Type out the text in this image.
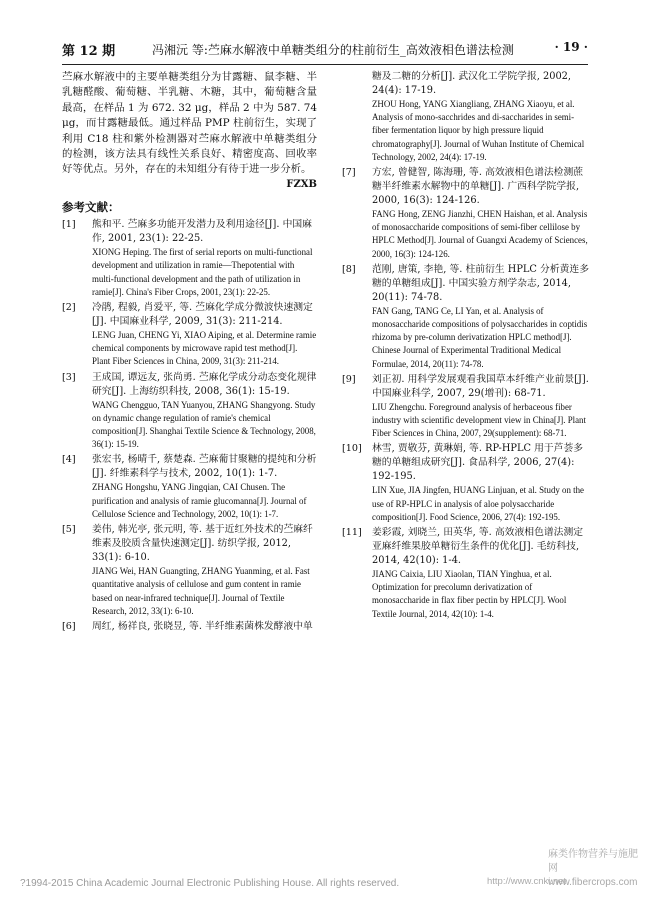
第 12 期	冯湘沅 等:苎麻水解液中单糖类组分的柱前衍生_高效液相色谱法检测	· 19 ·

苎麻水解液中的主要单糖类组分为甘露糖、鼠李糖、半乳糖醛酸、葡萄糖、半乳糖、木糖，其中，葡萄糖含量最高，在样品 1 为 672. 32 μg，样品 2 中为 587. 74 μg，而甘露糖最低。通过样品 PMP 柱前衍生，实现了利用 C18 柱和紫外检测器对苎麻水解液中单糖类组分的检测，该方法具有线性关系良好、精密度高、回收率好等优点。另外，存在的未知组分有待于进一步分析。

FZXB
参考文献：
[1] 熊和平. 苎麻多功能开发潜力及利用途径[J]. 中国麻作, 2001, 23(1): 22-25.
XIONG Heping. The first of serial reports on multi-functional development and utilization in ramie—Thepotential with multi-functional development and the path of utilization in ramie[J]. China's Fiber Crops, 2001, 23(1): 22-25.
[2] 冷鹃, 程毅, 肖爱平, 等. 苎麻化学成分微波快速测定[J]. 中国麻业科学, 2009, 31(3): 211-214.
LENG Juan, CHENG Yi, XIAO Aiping, et al. Determine ramie chemical components by microwave rapid test method[J]. Plant Fiber Sciences in China, 2009, 31(3): 211-214.
[3] 王成国, 谭远友, 张尚勇. 苎麻化学成分动态变化规律研究[J]. 上海纺织科技, 2008, 36(1): 15-19.
WANG Chengguo, TAN Yuanyou, ZHANG Shangyong. Study on dynamic change regulation of ramie's chemical composition[J]. Shanghai Textile Science & Technology, 2008, 36(1): 15-19.
[4] 张宏书, 杨晴千, 蔡楚森. 苎麻葡甘聚糖的提纯和分析[J]. 纤维素科学与技术, 2002, 10(1): 1-7.
ZHANG Hongshu, YANG Jingqian, CAI Chusen. The purification and analysis of ramie glucomanna[J]. Journal of Cellulose Science and Technology, 2002, 10(1): 1-7.
[5] 姜伟, 韩光亭, 张元明, 等. 基于近红外技术的苎麻纤维素及胶质含量快速测定[J]. 纺织学报, 2012, 33(1): 6-10.
JIANG Wei, HAN Guangting, ZHANG Yuanming, et al. Fast quantitative analysis of cellulose and gum content in ramie based on near-infrared technique[J]. Journal of Textile Research, 2012, 33(1): 6-10.
[6] 周红, 杨祥良, 张晓昱, 等. 半纤维素菌株发酵液中单
糖及二糖的分析[J]. 武汉化工学院学报, 2002, 24(4): 17-19.
ZHOU Hong, YANG Xiangliang, ZHANG Xiaoyu, et al. Analysis of mono-sacchrides and di-saccharides in semi-fiber fermentation liquor by high pressure liquid chromatography[J]. Journal of Wuhan Institute of Chemical Technology, 2002, 24(4): 17-19.
[7] 方宏, 曾健智, 陈海珊, 等. 高效液相色谱法检测蔗糖半纤维素水解物中的单糖[J]. 广西科学院学报, 2000, 16(3): 124-126.
FANG Hong, ZENG Jianzhi, CHEN Haishan, et al. Analysis of monosaccharide compositions of semi-fiber cellilose by HPLC Method[J]. Journal of Guangxi Academy of Sciences, 2000, 16(3): 124-126.
[8] 范刚, 唐策, 李艳, 等. 柱前衍生 HPLC 分析黄连多糖的单糖组成[J]. 中国实验方剂学杂志, 2014, 20(11): 74-78.
FAN Gang, TANG Ce, LI Yan, et al. Analysis of monosaccharide compositions of polysaccharides in coptidis rhizoma by pre-column derivatization HPLC method[J]. Chinese Journal of Experimental Traditional Medical Formulae, 2014, 20(11): 74-78.
[9] 刘正初. 用科学发展观看我国草本纤维产业前景[J]. 中国麻业科学, 2007, 29(增刊): 68-71.
LIU Zhengchu. Foreground analysis of herbaceous fiber industry with scientific development view in China[J]. Plant Fiber Sciences in China, 2007, 29(supplement): 68-71.
[10] 林雪, 贾敬芬, 黄琳娟, 等. RP-HPLC 用于芦荟多糖的单糖组成研究[J]. 食品科学, 2006, 27(4): 192-195.
LIN Xue, JIA Jingfen, HUANG Linjuan, et al. Study on the use of RP-HPLC in analysis of aloe polysaccharide composition[J]. Food Science, 2006, 27(4): 192-195.
[11] 姜彩霞, 刘晓兰, 田英华, 等. 高效液相色谱法测定亚麻纤维果胶单糖衍生条件的优化[J]. 毛纺科技, 2014, 42(10): 1-4.
JIANG Caixia, LIU Xiaolan, TIAN Yinghua, et al. Optimization for precolumn derivatization of monosaccharide in flax fiber pectin by HPLC[J]. Wool Textile Journal, 2014, 42(10): 1-4.
?1994-2015 China Academic Journal Electronic Publishing House. All rights reserved.	http://www.cnki.net
麻类作物营养与施肥网
www.fibercrops.com
